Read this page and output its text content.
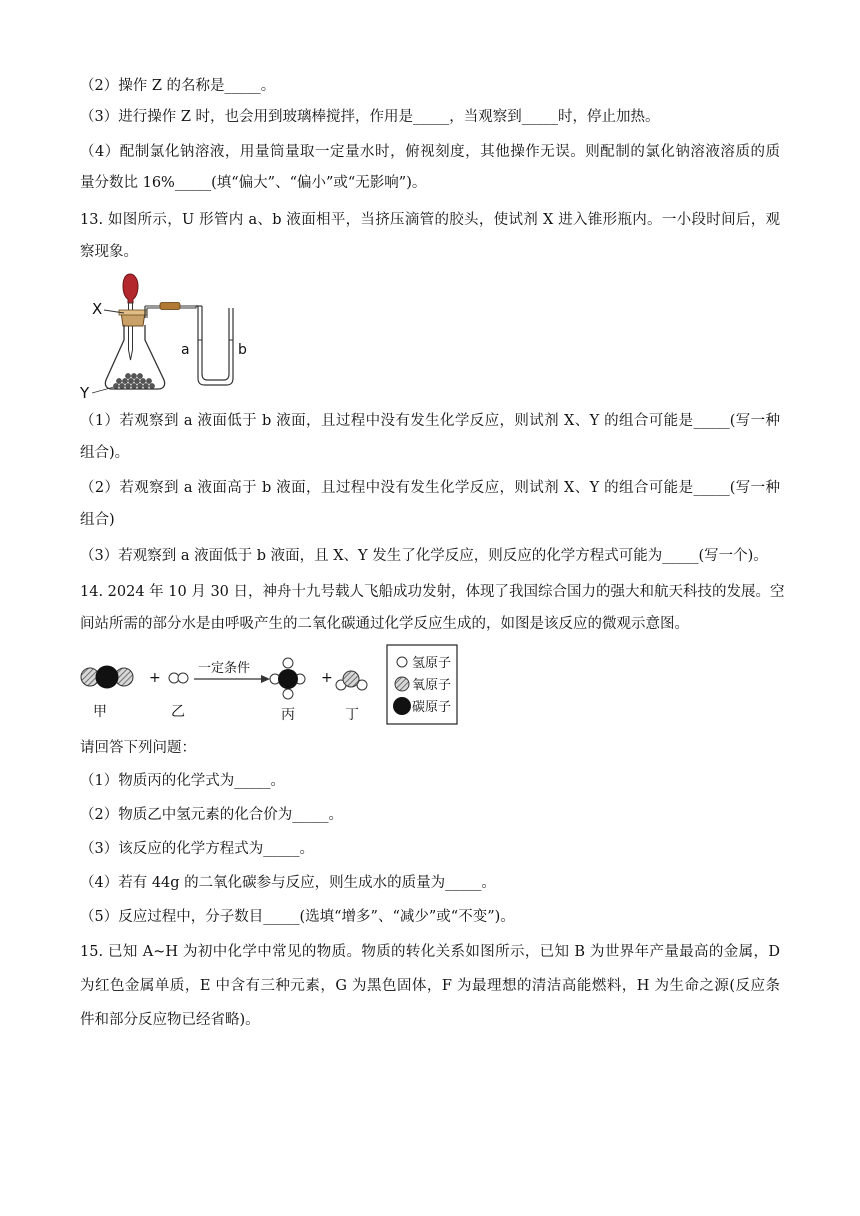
（2）操作 Z 的名称是_____。
（3）进行操作 Z 时，也会用到玻璃棒搅拌，作用是_____，当观察到_____时，停止加热。
（4）配制氯化钠溶液，用量筒量取一定量水时，俯视刻度，其他操作无误。则配制的氯化钠溶液溶质的质
量分数比 16%_____(填“偏大”、“偏小”或“无影响”)。
13. 如图所示，U 形管内 a、b 液面相平，当挤压滴管的胶头，使试剂 X 进入锥形瓶内。一小段时间后，观
察现象。
X
Y
a	b
（1）若观察到 a 液面低于 b 液面，且过程中没有发生化学反应，则试剂 X、Y 的组合可能是_____(写一种
组合)。
（2）若观察到 a 液面高于 b 液面，且过程中没有发生化学反应，则试剂 X、Y 的组合可能是_____(写一种
组合)
（3）若观察到 a 液面低于 b 液面，且 X、Y 发生了化学反应，则反应的化学方程式可能为_____(写一个)。
14. 2024 年 10 月 30 日，神舟十九号载人飞船成功发射，体现了我国综合国力的强大和航天科技的发展。空
间站所需的部分水是由呼吸产生的二氧化碳通过化学反应生成的，如图是该反应的微观示意图。
+
一定条件
+
甲	乙	丙	丁
氢原子
氧原子
碳原子
请回答下列问题：
（1）物质丙的化学式为_____。
（2）物质乙中氢元素的化合价为_____。
（3）该反应的化学方程式为_____。
（4）若有 44g 的二氧化碳参与反应，则生成水的质量为_____。
（5）反应过程中，分子数目_____(选填“增多”、“减少”或“不变”)。
15. 已知 A~H 为初中化学中常见的物质。物质的转化关系如图所示，已知 B 为世界年产量最高的金属，D
为红色金属单质，E 中含有三种元素，G 为黑色固体，F 为最理想的清洁高能燃料，H 为生命之源(反应条
件和部分反应物已经省略)。
